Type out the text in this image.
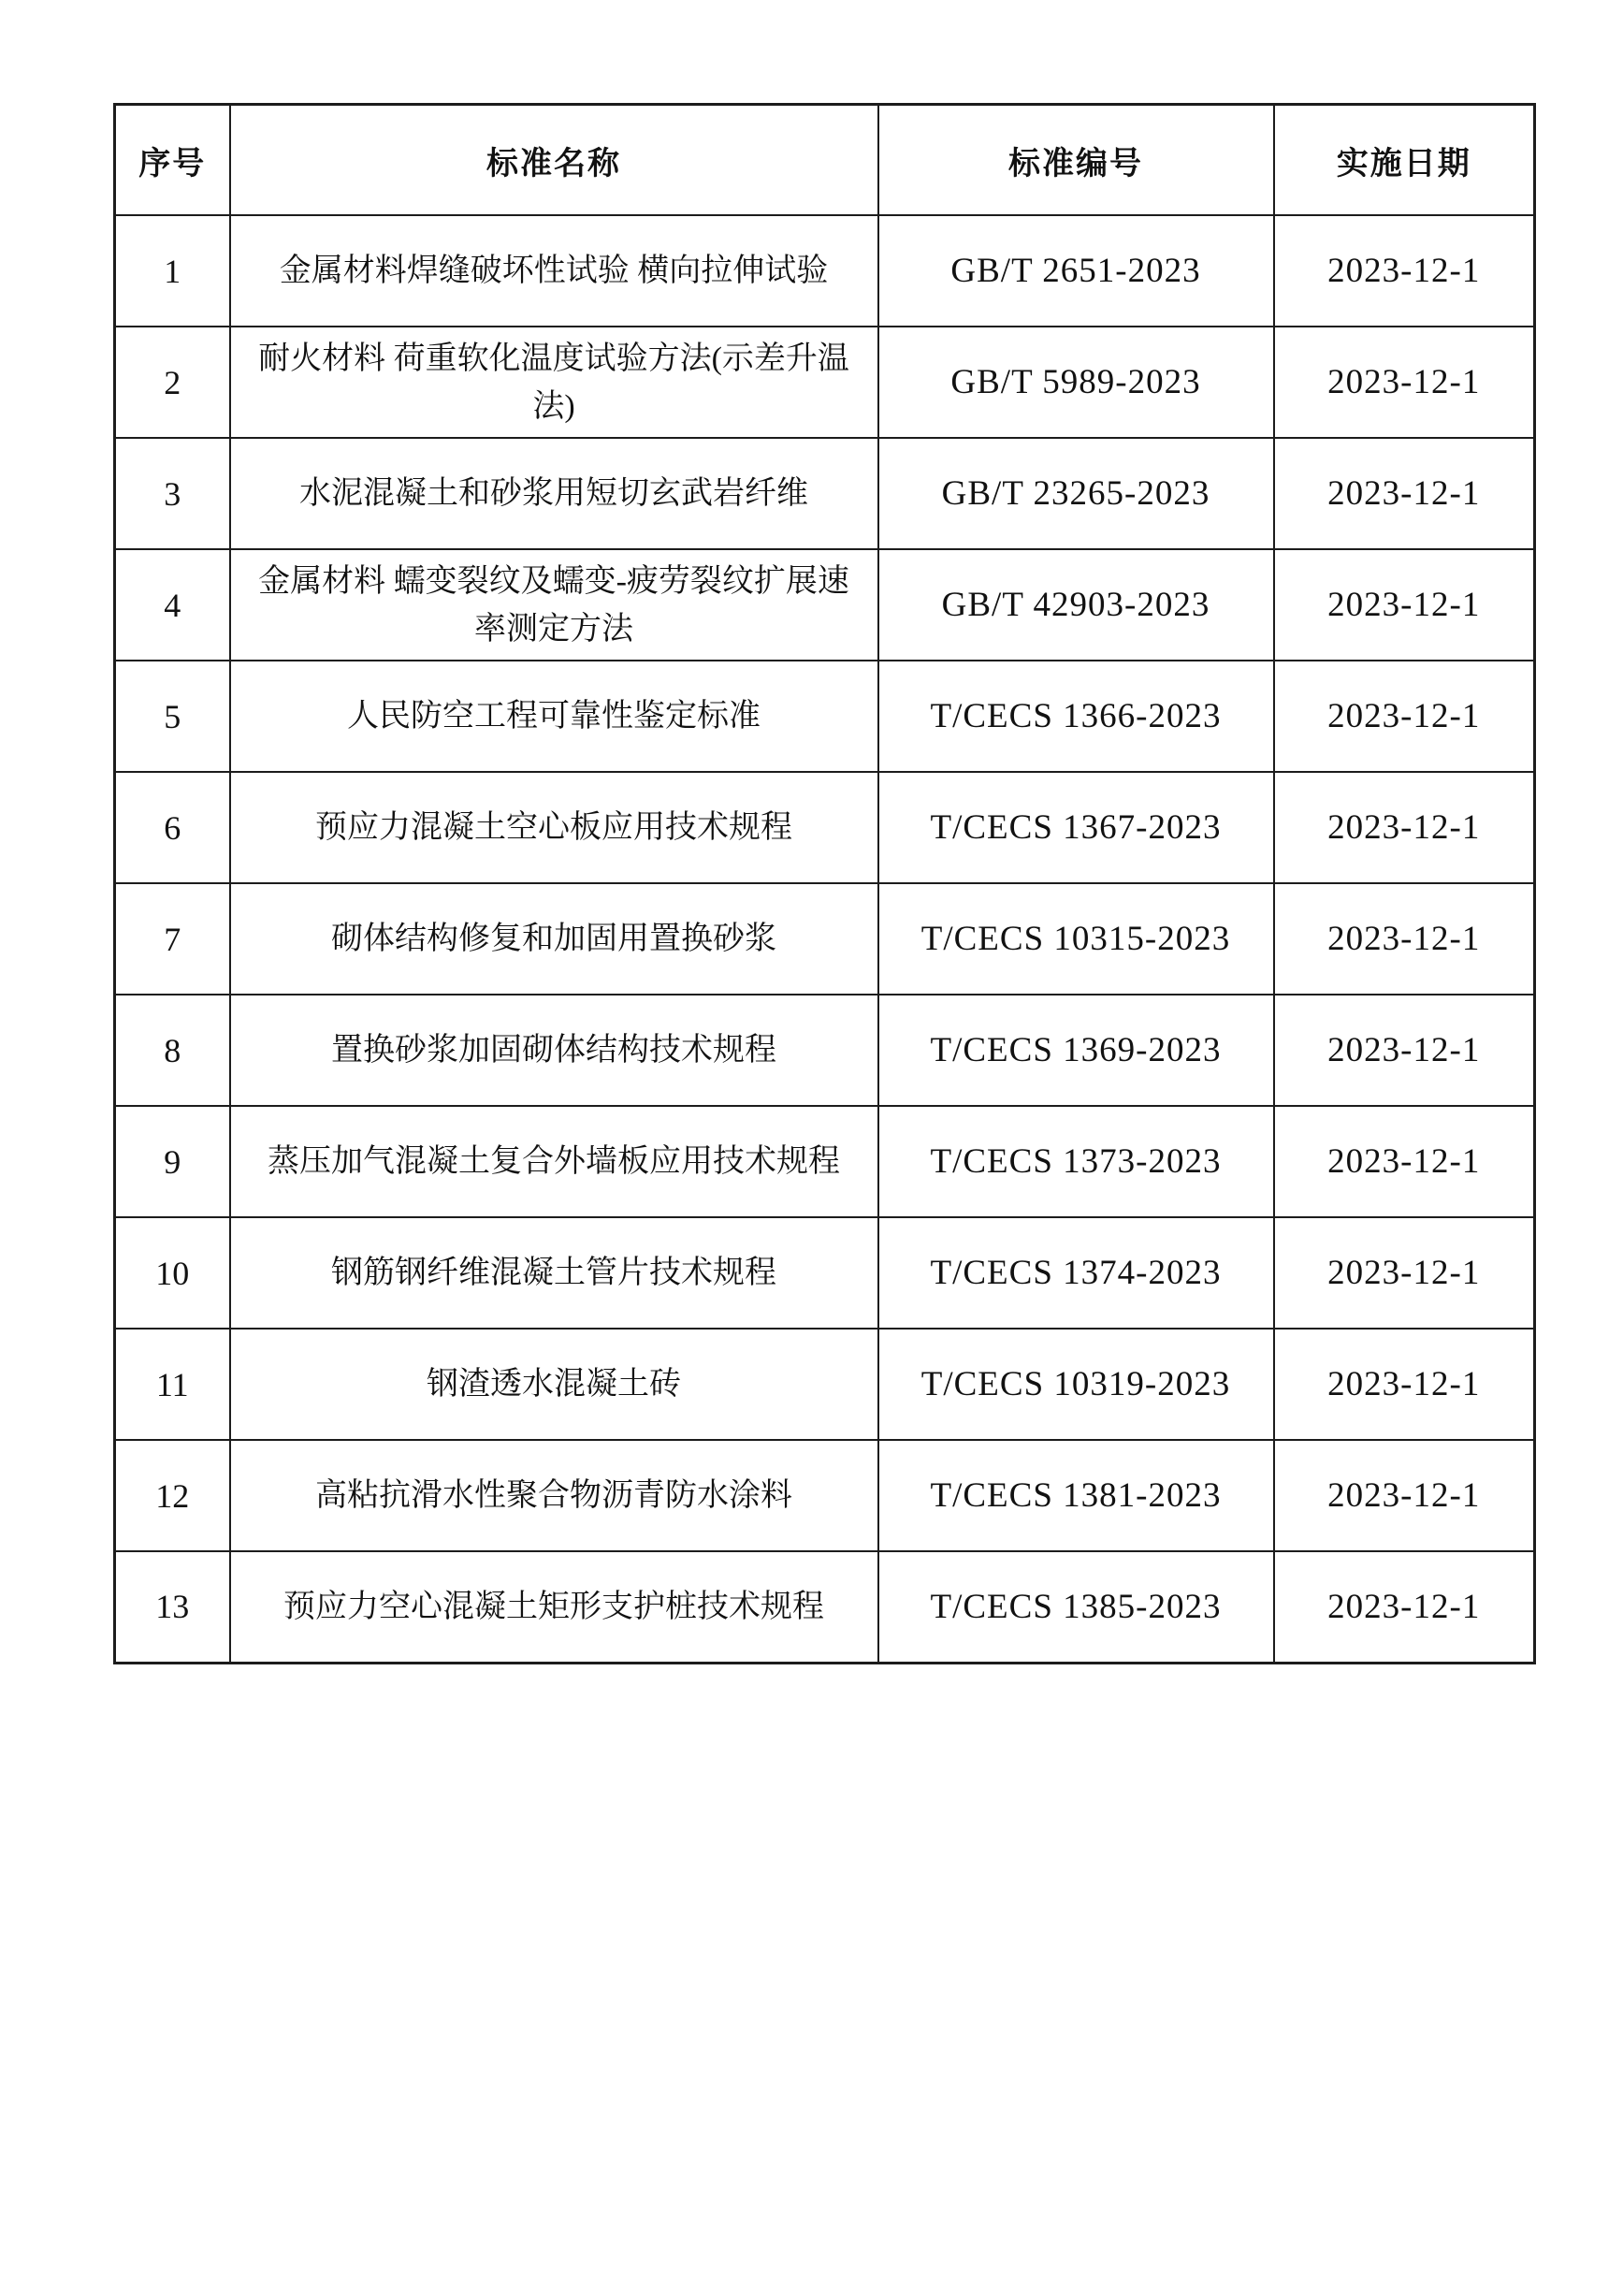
序号	标准名称	标准编号	实施日期
1	金属材料焊缝破坏性试验 横向拉伸试验	GB/T 2651-2023	2023-12-1
2	耐火材料 荷重软化温度试验方法(示差升温法)	GB/T 5989-2023	2023-12-1
3	水泥混凝土和砂浆用短切玄武岩纤维	GB/T 23265-2023	2023-12-1
4	金属材料 蠕变裂纹及蠕变-疲劳裂纹扩展速率测定方法	GB/T 42903-2023	2023-12-1
5	人民防空工程可靠性鉴定标准	T/CECS 1366-2023	2023-12-1
6	预应力混凝土空心板应用技术规程	T/CECS 1367-2023	2023-12-1
7	砌体结构修复和加固用置换砂浆	T/CECS 10315-2023	2023-12-1
8	置换砂浆加固砌体结构技术规程	T/CECS 1369-2023	2023-12-1
9	蒸压加气混凝土复合外墙板应用技术规程	T/CECS 1373-2023	2023-12-1
10	钢筋钢纤维混凝土管片技术规程	T/CECS 1374-2023	2023-12-1
11	钢渣透水混凝土砖	T/CECS 10319-2023	2023-12-1
12	高粘抗滑水性聚合物沥青防水涂料	T/CECS 1381-2023	2023-12-1
13	预应力空心混凝土矩形支护桩技术规程	T/CECS 1385-2023	2023-12-1
